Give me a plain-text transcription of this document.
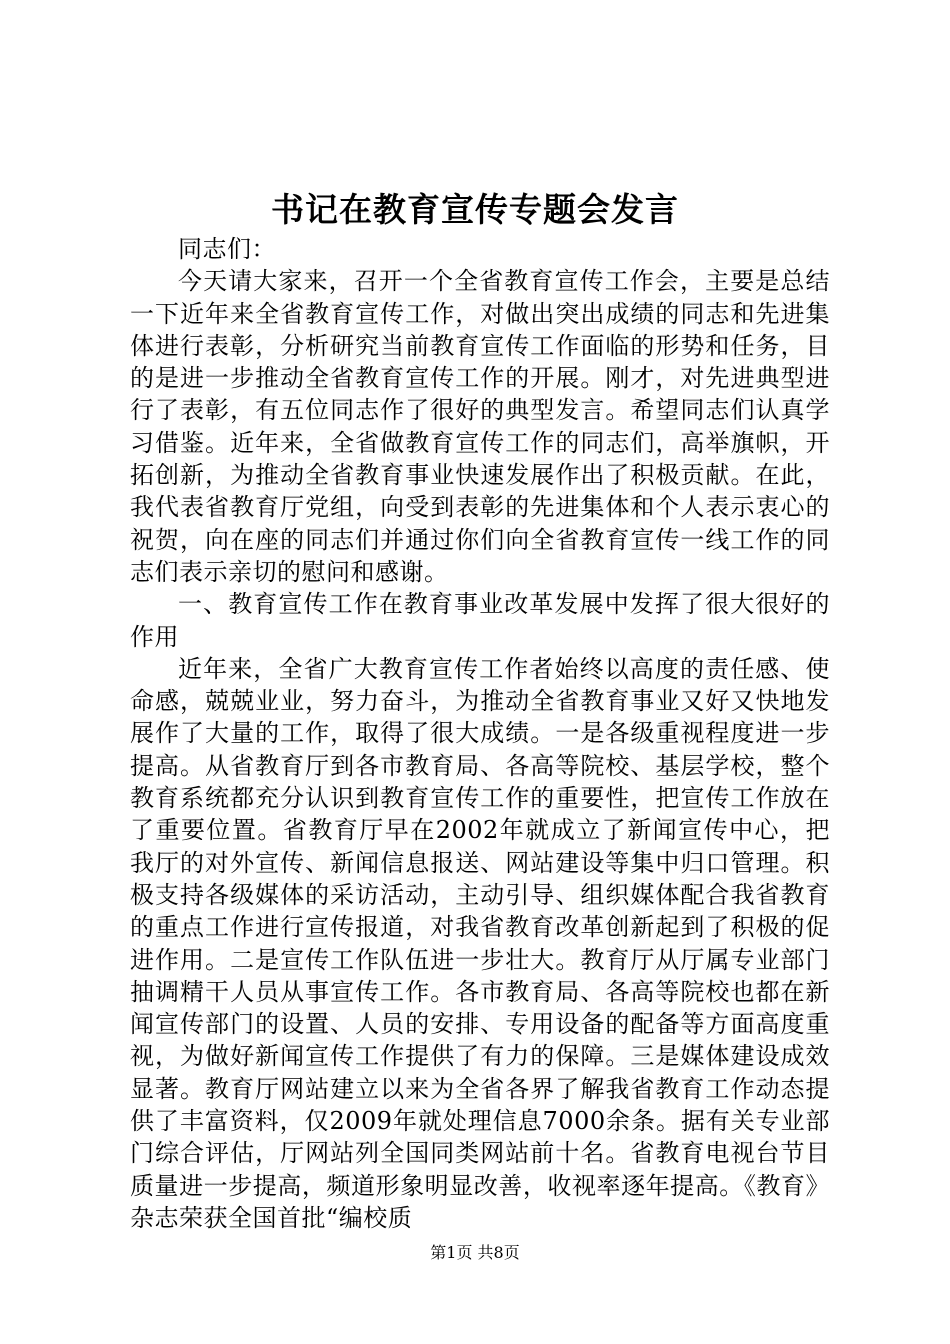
书记在教育宣传专题会发言

同志们：

今天请大家来，召开一个全省教育宣传工作会，主要是总结一下近年来全省教育宣传工作，对做出突出成绩的同志和先进集体进行表彰，分析研究当前教育宣传工作面临的形势和任务，目的是进一步推动全省教育宣传工作的开展。刚才，对先进典型进行了表彰，有五位同志作了很好的典型发言。希望同志们认真学习借鉴。近年来，全省做教育宣传工作的同志们，高举旗帜，开拓创新，为推动全省教育事业快速发展作出了积极贡献。在此，我代表省教育厅党组，向受到表彰的先进集体和个人表示衷心的祝贺，向在座的同志们并通过你们向全省教育宣传一线工作的同志们表示亲切的慰问和感谢。

一、教育宣传工作在教育事业改革发展中发挥了很大很好的作用

近年来，全省广大教育宣传工作者始终以高度的责任感、使命感，兢兢业业，努力奋斗，为推动全省教育事业又好又快地发展作了大量的工作，取得了很大成绩。一是各级重视程度进一步提高。从省教育厅到各市教育局、各高等院校、基层学校，整个教育系统都充分认识到教育宣传工作的重要性，把宣传工作放在了重要位置。省教育厅早在2002年就成立了新闻宣传中心，把我厅的对外宣传、新闻信息报送、网站建设等集中归口管理。积极支持各级媒体的采访活动，主动引导、组织媒体配合我省教育的重点工作进行宣传报道，对我省教育改革创新起到了积极的促进作用。二是宣传工作队伍进一步壮大。教育厅从厅属专业部门抽调精干人员从事宣传工作。各市教育局、各高等院校也都在新闻宣传部门的设置、人员的安排、专用设备的配备等方面高度重视，为做好新闻宣传工作提供了有力的保障。三是媒体建设成效显著。教育厅网站建立以来为全省各界了解我省教育工作动态提供了丰富资料，仅2009年就处理信息7000余条。据有关专业部门综合评估，厅网站列全国同类网站前十名。省教育电视台节目质量进一步提高，频道形象明显改善，收视率逐年提高。《教育》杂志荣获全国首批“编校质

第1页 共8页
